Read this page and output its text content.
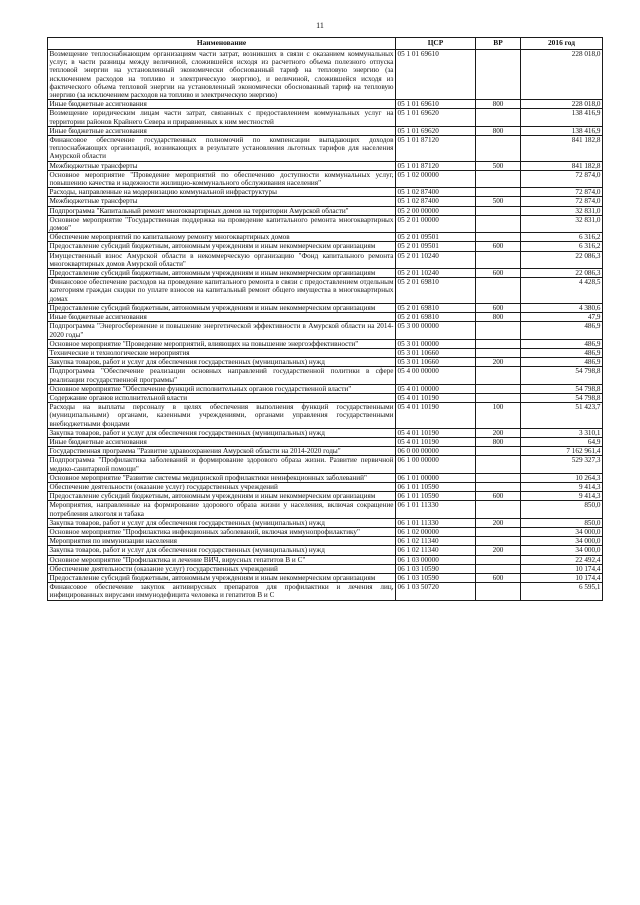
11
Наименование	ЦСР	ВР	2016 год
Возмещение теплоснабжающим организациям части затрат, возникших в связи с оказанием коммунальных услуг, в части разницы между величиной, сложившейся исходя из расчетного объема полезного отпуска тепловой энергии на установленный экономически обоснованный тариф на тепловую энергию (за исключением расходов на топливо и электрическую энергию), и величиной, сложившейся исходя из фактического объема тепловой энергии на установленный экономически обоснованный тариф на тепловую энергию (за исключением расходов на топливо и электрическую энергию)	05 1 01 69610		228 018,0
Иные бюджетные ассигнования	05 1 01 69610	800	228 018,0
Возмещение юридическим лицам части затрат, связанных с предоставлением коммунальных услуг на территории районов Крайнего Севера и приравненных к ним местностей	05 1 01 69620		138 416,9
Иные бюджетные ассигнования	05 1 01 69620	800	138 416,9
Финансовое обеспечение государственных полномочий по компенсации выпадающих доходов теплоснабжающих организаций, возникающих в результате установления льготных тарифов для населения Амурской области	05 1 01 87120		841 182,8
Межбюджетные трансферты	05 1 01 87120	500	841 182,8
Основное мероприятие "Проведение мероприятий по обеспечению доступности коммунальных услуг, повышению качества и надежности жилищно-коммунального обслуживания населения"	05 1 02 00000		72 874,0
Расходы, направленные на модернизацию коммунальной инфраструктуры	05 1 02 87400		72 874,0
Межбюджетные трансферты	05 1 02 87400	500	72 874,0
Подпрограмма "Капитальный ремонт многоквартирных домов на территории Амурской области"	05 2 00 00000		32 831,0
Основное мероприятие "Государственная поддержка на проведение капитального ремонта многоквартирных домов"	05 2 01 00000		32 831,0
Обеспечение мероприятий по капитальному ремонту многоквартирных домов	05 2 01 09501		6 316,2
Предоставление субсидий бюджетным, автономным учреждениям и иным некоммерческим организациям	05 2 01 09501	600	6 316,2
Имущественный взнос Амурской области в некоммерческую организацию "Фонд капитального ремонта многоквартирных домов Амурской области"	05 2 01 10240		22 086,3
Предоставление субсидий бюджетным, автономным учреждениям и иным некоммерческим организациям	05 2 01 10240	600	22 086,3
Финансовое обеспечение расходов на проведение капитального ремонта в связи с предоставлением отдельным категориям граждан скидки по уплате взносов на капитальный ремонт общего имущества в многоквартирных домах	05 2 01 69810		4 428,5
Предоставление субсидий бюджетным, автономным учреждениям и иным некоммерческим организациям	05 2 01 69810	600	4 380,6
Иные бюджетные ассигнования	05 2 01 69810	800	47,9
Подпрограмма "Энергосбережение и повышение энергетической эффективности в Амурской области на 2014-2020 годы"	05 3 00 00000		486,9
Основное мероприятие "Проведение мероприятий, влияющих на повышение энергоэффективности"	05 3 01 00000		486,9
Технические и технологические мероприятия	05 3 01 10660		486,9
Закупка товаров, работ и услуг для обеспечения государственных (муниципальных) нужд	05 3 01 10660	200	486,9
Подпрограмма "Обеспечение реализации основных направлений государственной политики в сфере реализации государственной программы"	05 4 00 00000		54 798,8
Основное мероприятие "Обеспечение функций исполнительных органов государственной власти"	05 4 01 00000		54 798,8
Содержание органов исполнительной власти	05 4 01 10190		54 798,8
Расходы на выплаты персоналу в целях обеспечения выполнения функций государственными (муниципальными) органами, казенными учреждениями, органами управления государственными внебюджетными фондами	05 4 01 10190	100	51 423,7
Закупка товаров, работ и услуг для обеспечения государственных (муниципальных) нужд	05 4 01 10190	200	3 310,1
Иные бюджетные ассигнования	05 4 01 10190	800	64,9
Государственная программа "Развитие здравоохранения Амурской области на 2014-2020 годы"	06 0 00 00000		7 162 961,4
Подпрограмма "Профилактика заболеваний и формирование здорового образа жизни. Развитие первичной медико-санитарной помощи"	06 1 00 00000		529 327,3
Основное мероприятие "Развитие системы медицинской профилактики неинфекционных заболеваний"	06 1 01 00000		10 264,3
Обеспечение деятельности (оказание услуг) государственных учреждений	06 1 01 10590		9 414,3
Предоставление субсидий бюджетным, автономным учреждениям и иным некоммерческим организациям	06 1 01 10590	600	9 414,3
Мероприятия, направленные на формирование здорового образа жизни у населения, включая сокращение потребления алкоголя и табака	06 1 01 11330		850,0
Закупка товаров, работ и услуг для обеспечения государственных (муниципальных) нужд	06 1 01 11330	200	850,0
Основное мероприятие "Профилактика инфекционных заболеваний, включая иммунопрофилактику"	06 1 02 00000		34 000,0
Мероприятия по иммунизации населения	06 1 02 11340		34 000,0
Закупка товаров, работ и услуг для обеспечения государственных (муниципальных) нужд	06 1 02 11340	200	34 000,0
Основное мероприятие "Профилактика и лечение ВИЧ, вирусных гепатитов В и С"	06 1 03 00000		22 492,4
Обеспечение деятельности (оказание услуг) государственных учреждений	06 1 03 10590		10 174,4
Предоставление субсидий бюджетным, автономным учреждениям и иным некоммерческим организациям	06 1 03 10590	600	10 174,4
Финансовое обеспечение закупок антивирусных препаратов для профилактики и лечения лиц, инфицированных вирусами иммунодефицита человека и гепатитов В и С	06 1 03 50720		6 595,1
